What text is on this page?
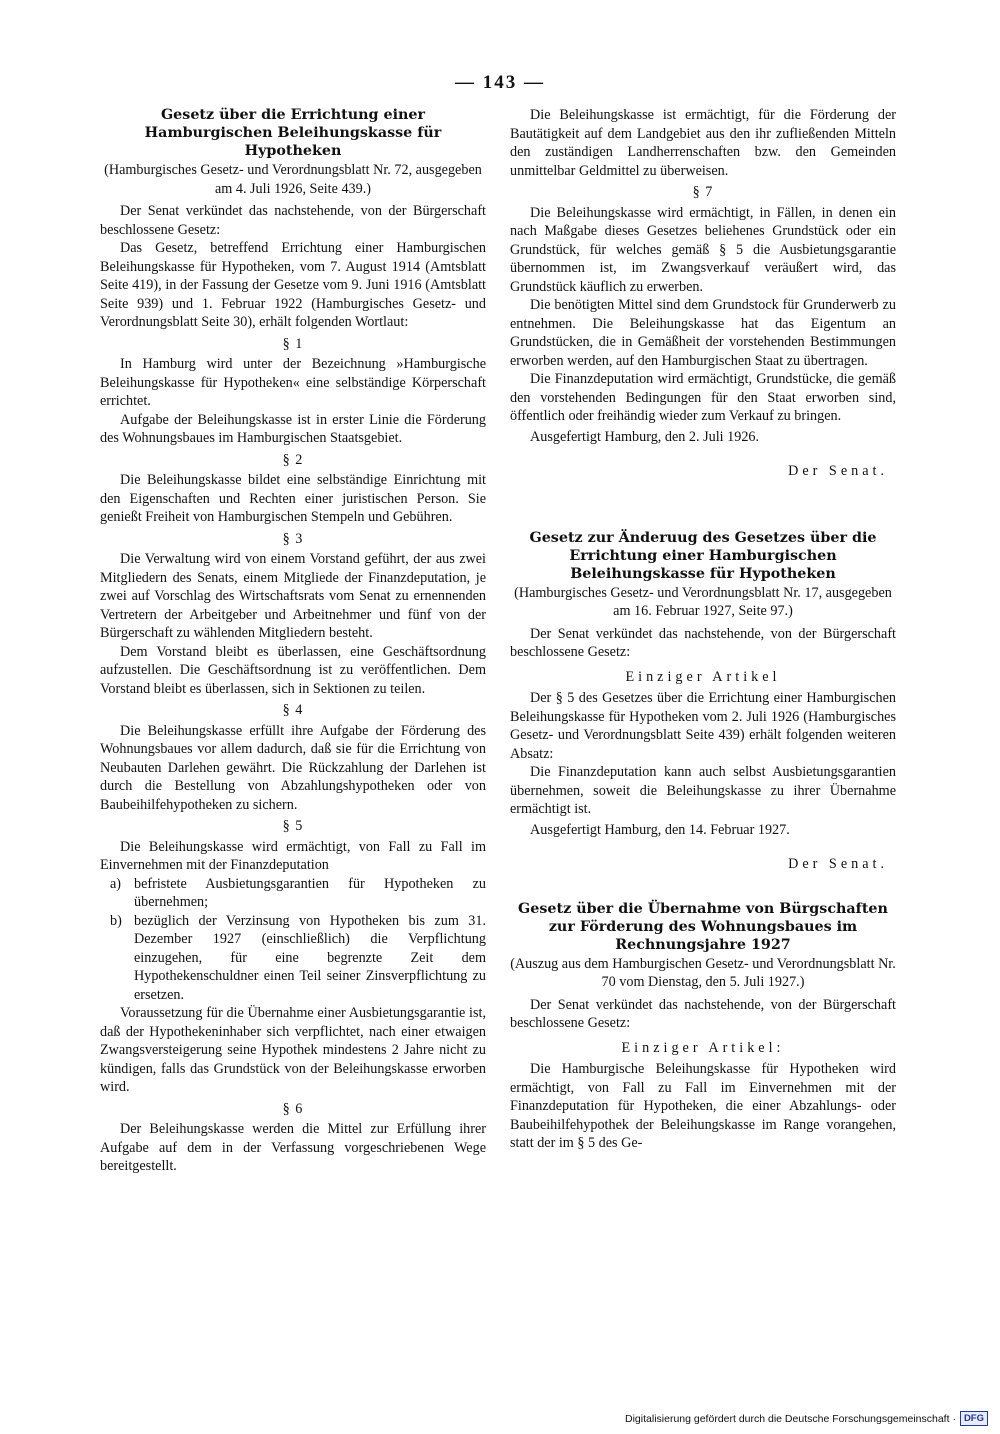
— 143 —
Gesetz über die Errichtung einer Hamburgischen Beleihungskasse für Hypotheken
(Hamburgisches Gesetz- und Verordnungsblatt Nr. 72, ausgegeben am 4. Juli 1926, Seite 439.)

Der Senat verkündet das nachstehende, von der Bürgerschaft beschlossene Gesetz:

Das Gesetz, betreffend Errichtung einer Hamburgischen Beleihungskasse für Hypotheken, vom 7. August 1914 (Amtsblatt Seite 419), in der Fassung der Gesetze vom 9. Juni 1916 (Amtsblatt Seite 939) und 1. Februar 1922 (Hamburgisches Gesetz- und Verordnungsblatt Seite 30), erhält folgenden Wortlaut:

§ 1

In Hamburg wird unter der Bezeichnung »Hamburgische Beleihungskasse für Hypotheken« eine selbständige Körperschaft errichtet.

Aufgabe der Beleihungskasse ist in erster Linie die Förderung des Wohnungsbaues im Hamburgischen Staatsgebiet.

§ 2

Die Beleihungskasse bildet eine selbständige Einrichtung mit den Eigenschaften und Rechten einer juristischen Person. Sie genießt Freiheit von Hamburgischen Stempeln und Gebühren.

§ 3

Die Verwaltung wird von einem Vorstand geführt, der aus zwei Mitgliedern des Senats, einem Mitgliede der Finanzdeputation, je zwei auf Vorschlag des Wirtschaftsrats vom Senat zu ernennenden Vertretern der Arbeitgeber und Arbeitnehmer und fünf von der Bürgerschaft zu wählenden Mitgliedern besteht.

Dem Vorstand bleibt es überlassen, eine Geschäftsordnung aufzustellen. Die Geschäftsordnung ist zu veröffentlichen. Dem Vorstand bleibt es überlassen, sich in Sektionen zu teilen.

§ 4

Die Beleihungskasse erfüllt ihre Aufgabe der Förderung des Wohnungsbaues vor allem dadurch, daß sie für die Errichtung von Neubauten Darlehen gewährt. Die Rückzahlung der Darlehen ist durch die Bestellung von Abzahlungshypotheken oder von Baubeihilfehypotheken zu sichern.

§ 5

Die Beleihungskasse wird ermächtigt, von Fall zu Fall im Einvernehmen mit der Finanzdeputation

a) befristete Ausbietungsgarantien für Hypotheken zu übernehmen;
b) bezüglich der Verzinsung von Hypotheken bis zum 31. Dezember 1927 (einschließlich) die Verpflichtung einzugehen, für eine begrenzte Zeit dem Hypothekenschuldner einen Teil seiner Zinsverpflichtung zu ersetzen.

Voraussetzung für die Übernahme einer Ausbietungsgarantie ist, daß der Hypothekeninhaber sich verpflichtet, nach einer etwaigen Zwangsversteigerung seine Hypothek mindestens 2 Jahre nicht zu kündigen, falls das Grundstück von der Beleihungskasse erworben wird.

§ 6

Der Beleihungskasse werden die Mittel zur Erfüllung ihrer Aufgabe auf dem in der Verfassung vorgeschriebenen Wege bereitgestellt.

Die Beleihungskasse ist ermächtigt, für die Förderung der Bautätigkeit auf dem Landgebiet aus den ihr zufließenden Mitteln den zuständigen Landherrenschaften bzw. den Gemeinden unmittelbar Geldmittel zu überweisen.

§ 7

Die Beleihungskasse wird ermächtigt, in Fällen, in denen ein nach Maßgabe dieses Gesetzes beliehenes Grundstück oder ein Grundstück, für welches gemäß § 5 die Ausbietungsgarantie übernommen ist, im Zwangsverkauf veräußert wird, das Grundstück käuflich zu erwerben.

Die benötigten Mittel sind dem Grundstock für Grunderwerb zu entnehmen. Die Beleihungskasse hat das Eigentum an Grundstücken, die in Gemäßheit der vorstehenden Bestimmungen erworben werden, auf den Hamburgischen Staat zu übertragen.

Die Finanzdeputation wird ermächtigt, Grundstücke, die gemäß den vorstehenden Bedingungen für den Staat erworben sind, öffentlich oder freihändig wieder zum Verkauf zu bringen.

Ausgefertigt Hamburg, den 2. Juli 1926.

Der Senat.
Gesetz zur Änderuug des Gesetzes über die Errichtung einer Hamburgischen Beleihungskasse für Hypotheken
(Hamburgisches Gesetz- und Verordnungsblatt Nr. 17, ausgegeben am 16. Februar 1927, Seite 97.)

Der Senat verkündet das nachstehende, von der Bürgerschaft beschlossene Gesetz:

Einziger Artikel

Der § 5 des Gesetzes über die Errichtung einer Hamburgischen Beleihungskasse für Hypotheken vom 2. Juli 1926 (Hamburgisches Gesetz- und Verordnungsblatt Seite 439) erhält folgenden weiteren Absatz:

Die Finanzdeputation kann auch selbst Ausbietungsgarantien übernehmen, soweit die Beleihungskasse zu ihrer Übernahme ermächtigt ist.

Ausgefertigt Hamburg, den 14. Februar 1927.

Der Senat.
Gesetz über die Übernahme von Bürgschaften zur Förderung des Wohnungsbaues im Rechnungsjahre 1927
(Auszug aus dem Hamburgischen Gesetz- und Verordnungsblatt Nr. 70 vom Dienstag, den 5. Juli 1927.)

Der Senat verkündet das nachstehende, von der Bürgerschaft beschlossene Gesetz:

Einziger Artikel:

Die Hamburgische Beleihungskasse für Hypotheken wird ermächtigt, von Fall zu Fall im Einvernehmen mit der Finanzdeputation für Hypotheken, die einer Abzahlungs- oder Baubeihilfehypothek der Beleihungskasse im Range vorangehen, statt der im § 5 des Ge-

Digitalisierung gefördert durch die Deutsche Forschungsgemeinschaft · DFG
